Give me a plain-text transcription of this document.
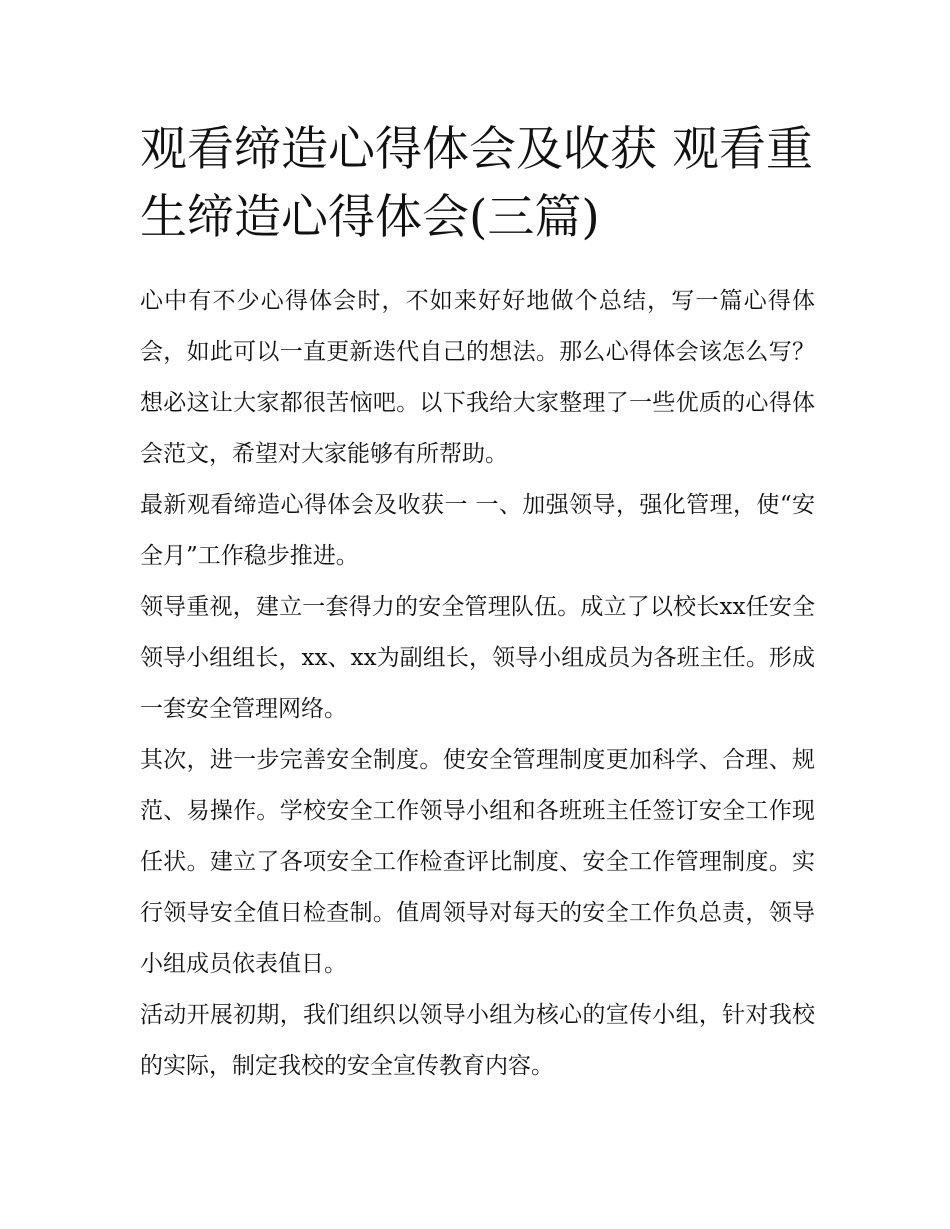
观看缔造心得体会及收获 观看重生缔造心得体会(三篇)

心中有不少心得体会时，不如来好好地做个总结，写一篇心得体会，如此可以一直更新迭代自己的想法。那么心得体会该怎么写？想必这让大家都很苦恼吧。以下我给大家整理了一些优质的心得体会范文，希望对大家能够有所帮助。

最新观看缔造心得体会及收获一 一、加强领导，强化管理，使“安全月”工作稳步推进。

领导重视，建立一套得力的安全管理队伍。成立了以校长xx任安全领导小组组长，xx、xx为副组长，领导小组成员为各班主任。形成一套安全管理网络。

其次，进一步完善安全制度。使安全管理制度更加科学、合理、规范、易操作。学校安全工作领导小组和各班班主任签订安全工作现任状。建立了各项安全工作检查评比制度、安全工作管理制度。实行领导安全值日检查制。值周领导对每天的安全工作负总责，领导小组成员依表值日。

活动开展初期，我们组织以领导小组为核心的宣传小组，针对我校的实际，制定我校的安全宣传教育内容。
